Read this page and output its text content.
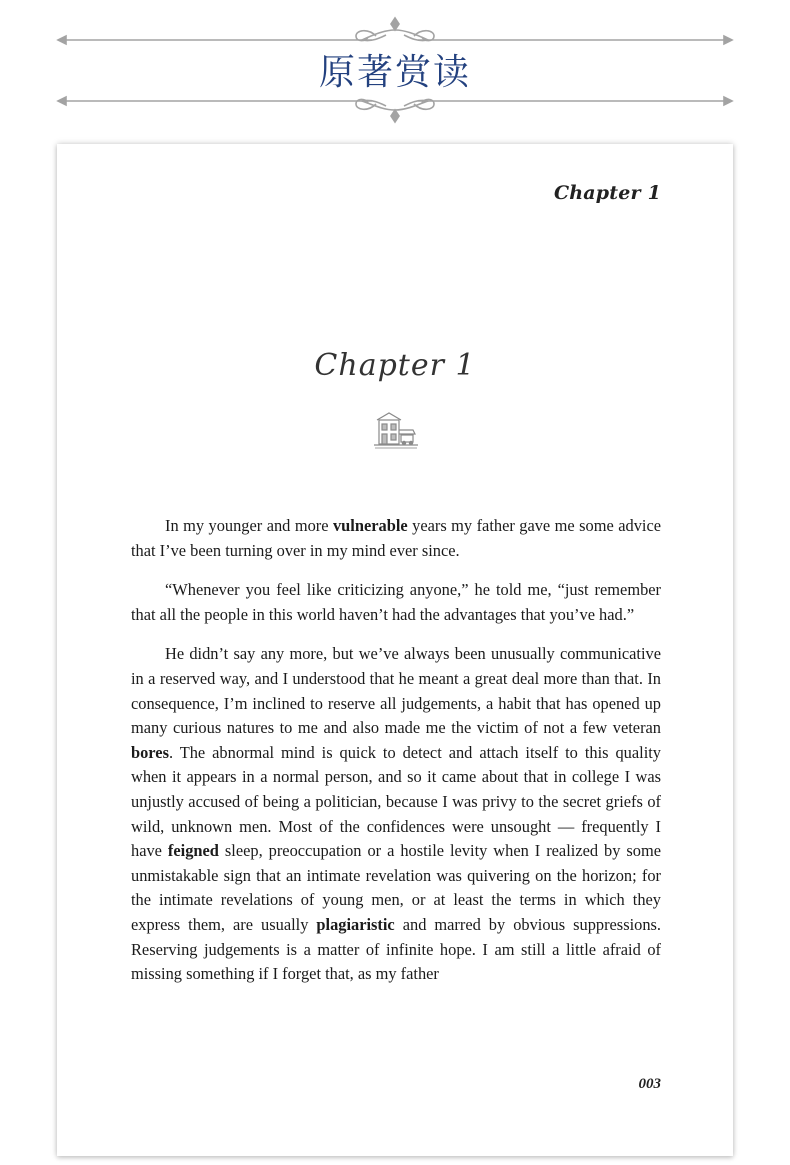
原著赏读
Chapter 1
Chapter 1

In my younger and more vulnerable years my father gave me some advice that I’ve been turning over in my mind ever since.

“Whenever you feel like criticizing anyone,” he told me, “just remember that all the people in this world haven’t had the advantages that you’ve had.”

He didn’t say any more, but we’ve always been unusually communicative in a reserved way, and I understood that he meant a great deal more than that. In consequence, I’m inclined to reserve all judgements, a habit that has opened up many curious natures to me and also made me the victim of not a few veteran bores. The abnormal mind is quick to detect and attach itself to this quality when it appears in a normal person, and so it came about that in college I was unjustly accused of being a politician, because I was privy to the secret griefs of wild, unknown men. Most of the confidences were unsought — frequently I have feigned sleep, preoccupation or a hostile levity when I realized by some unmistakable sign that an intimate revelation was quivering on the horizon; for the intimate revelations of young men, or at least the terms in which they express them, are usually plagiaristic and marred by obvious suppressions. Reserving judgements is a matter of infinite hope. I am still a little afraid of missing something if I forget that, as my father

003
